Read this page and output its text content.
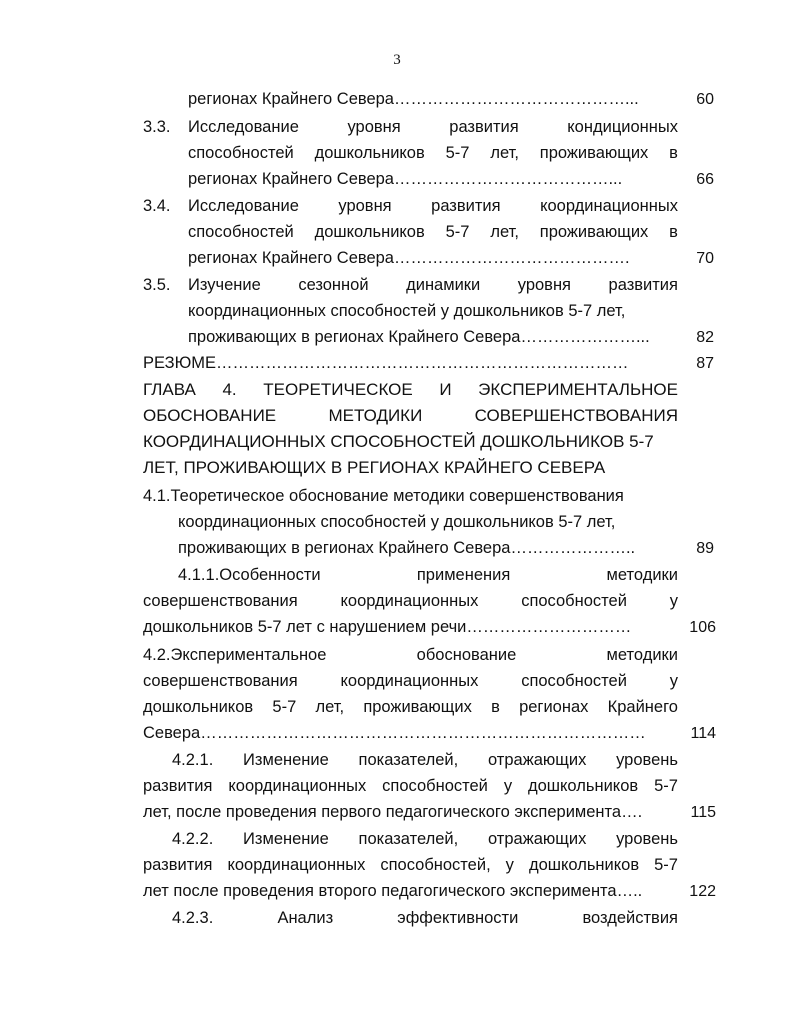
3
регионах Крайнего Севера……………………………………...	60
3.3. Исследование	уровня	развития	кондиционных
способностей дошкольников 5-7 лет, проживающих в
регионах Крайнего Севера…………………………………...	66
3.4. Исследование уровня развития координационных
способностей дошкольников 5-7 лет, проживающих в
регионах Крайнего Севера…………………………………….	70
3.5. Изучение сезонной динамики уровня развития
координационных способностей у дошкольников 5-7 лет,
проживающих в регионах Крайнего Севера…………………...	82
РЕЗЮМЕ…………………………………………………………………	87
ГЛАВА 4. ТЕОРЕТИЧЕСКОЕ И ЭКСПЕРИМЕНТАЛЬНОЕ
ОБОСНОВАНИЕ	МЕТОДИКИ	СОВЕРШЕНСТВОВАНИЯ
КООРДИНАЦИОННЫХ СПОСОБНОСТЕЙ ДОШКОЛЬНИКОВ 5-7
ЛЕТ, ПРОЖИВАЮЩИХ В РЕГИОНАХ КРАЙНЕГО СЕВЕРА
4.1.Теоретическое обоснование методики совершенствования
координационных способностей у дошкольников 5-7 лет,
проживающих в регионах Крайнего Севера…………………..	89
4.1.1.Особенности	применения	методики
совершенствования	координационных	способностей	у
дошкольников 5-7 лет с нарушением речи…………………………	106
4.2.Экспериментальное	обоснование	методики
совершенствования	координационных	способностей	у
дошкольников 5-7 лет, проживающих в регионах Крайнего
Севера………………………………………………………………………	114
4.2.1. Изменение показателей, отражающих уровень
развития координационных способностей у дошкольников 5-7
лет, после проведения первого педагогического эксперимента….	115
4.2.2. Изменение показателей, отражающих уровень
развития координационных способностей, у дошкольников 5-7
лет после проведения второго педагогического эксперимента…..	122
4.2.3.	Анализ	эффективности	воздействия
